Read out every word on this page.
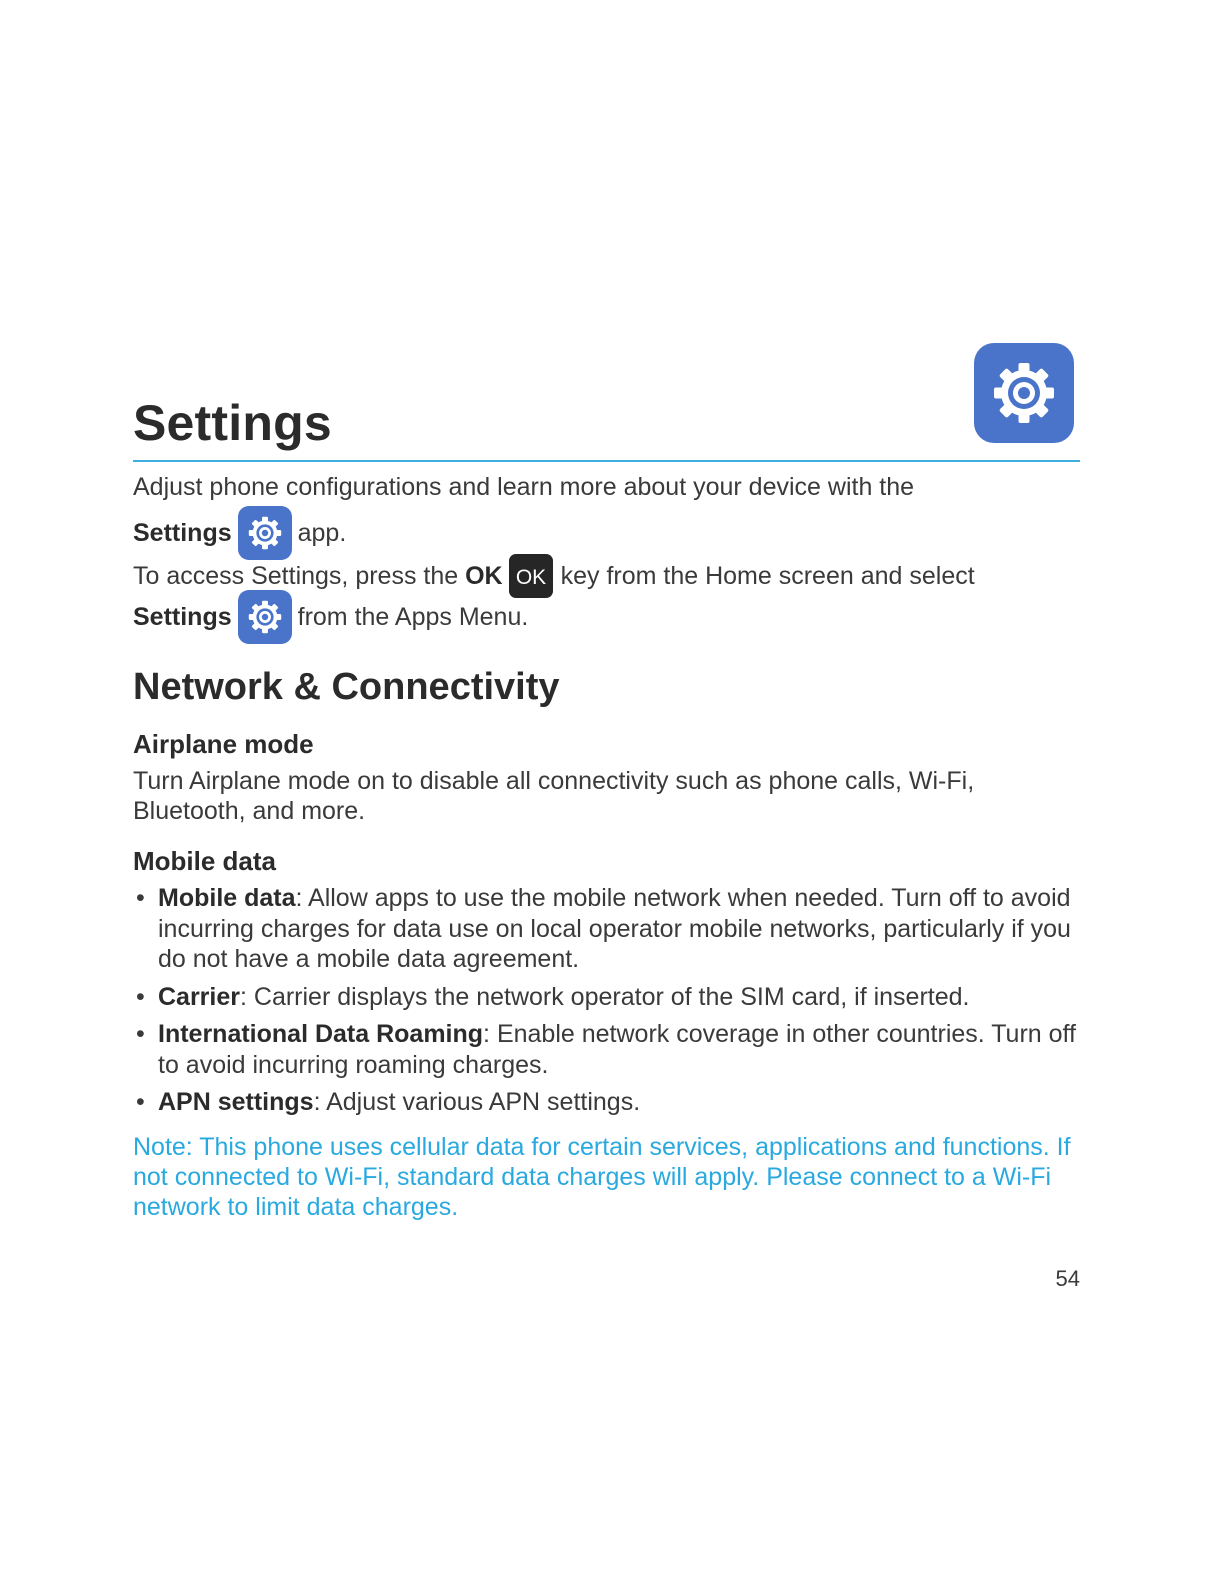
Settings

Adjust phone configurations and learn more about your device with the

Settings	app.
To access Settings, press the OK OK key from the Home screen and select
Settings	from the Apps Menu.
Network & Connectivity
Airplane mode

Turn Airplane mode on to disable all connectivity such as phone calls, Wi-Fi, Bluetooth, and more.

Mobile data
• Mobile data: Allow apps to use the mobile network when needed. Turn off to avoid incurring charges for data use on local operator mobile networks, particularly if you do not have a mobile data agreement.
• Carrier: Carrier displays the network operator of the SIM card, if inserted.
• International Data Roaming: Enable network coverage in other countries. Turn off to avoid incurring roaming charges.
• APN settings: Adjust various APN settings.

Note: This phone uses cellular data for certain services, applications and functions. If not connected to Wi-Fi, standard data charges will apply. Please connect to a Wi-Fi network to limit data charges.

54
